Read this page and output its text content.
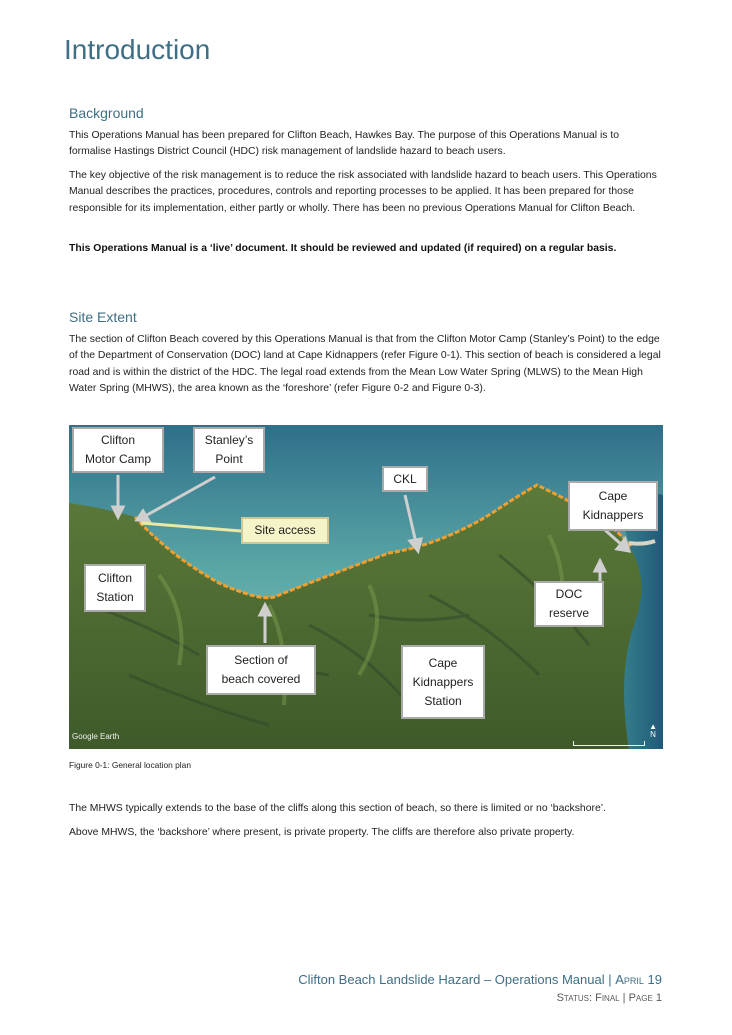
Introduction
Background
This Operations Manual has been prepared for Clifton Beach, Hawkes Bay. The purpose of this Operations Manual is to formalise Hastings District Council (HDC) risk management of landslide hazard to beach users.
The key objective of the risk management is to reduce the risk associated with landslide hazard to beach users. This Operations Manual describes the practices, procedures, controls and reporting processes to be applied. It has been prepared for those responsible for its implementation, either partly or wholly. There has been no previous Operations Manual for Clifton Beach.
This Operations Manual is a ‘live’ document. It should be reviewed and updated (if required) on a regular basis.
Site Extent
The section of Clifton Beach covered by this Operations Manual is that from the Clifton Motor Camp (Stanley’s Point) to the edge of the Department of Conservation (DOC) land at Cape Kidnappers (refer Figure 0-1). This section of beach is considered a legal road and is within the district of the HDC. The legal road extends from the Mean Low Water Spring (MLWS) to the Mean High Water Spring (MHWS), the area known as the ‘foreshore’ (refer Figure 0-2 and Figure 0-3).
Clifton
Motor Camp
Stanley’s
Point
CKL
Cape
Kidnappers
Site access
Clifton
Station	DOC
reserve
Section of
beach covered
Cape
Kidnappers
Station
Google Earth
▲
N
Figure 0-1: General location plan
The MHWS typically extends to the base of the cliffs along this section of beach, so there is limited or no ‘backshore’.
Above MHWS, the ‘backshore’ where present, is private property. The cliffs are therefore also private property.
Clifton Beach Landslide Hazard – Operations Manual | April 19
Status: Final | Page 1
